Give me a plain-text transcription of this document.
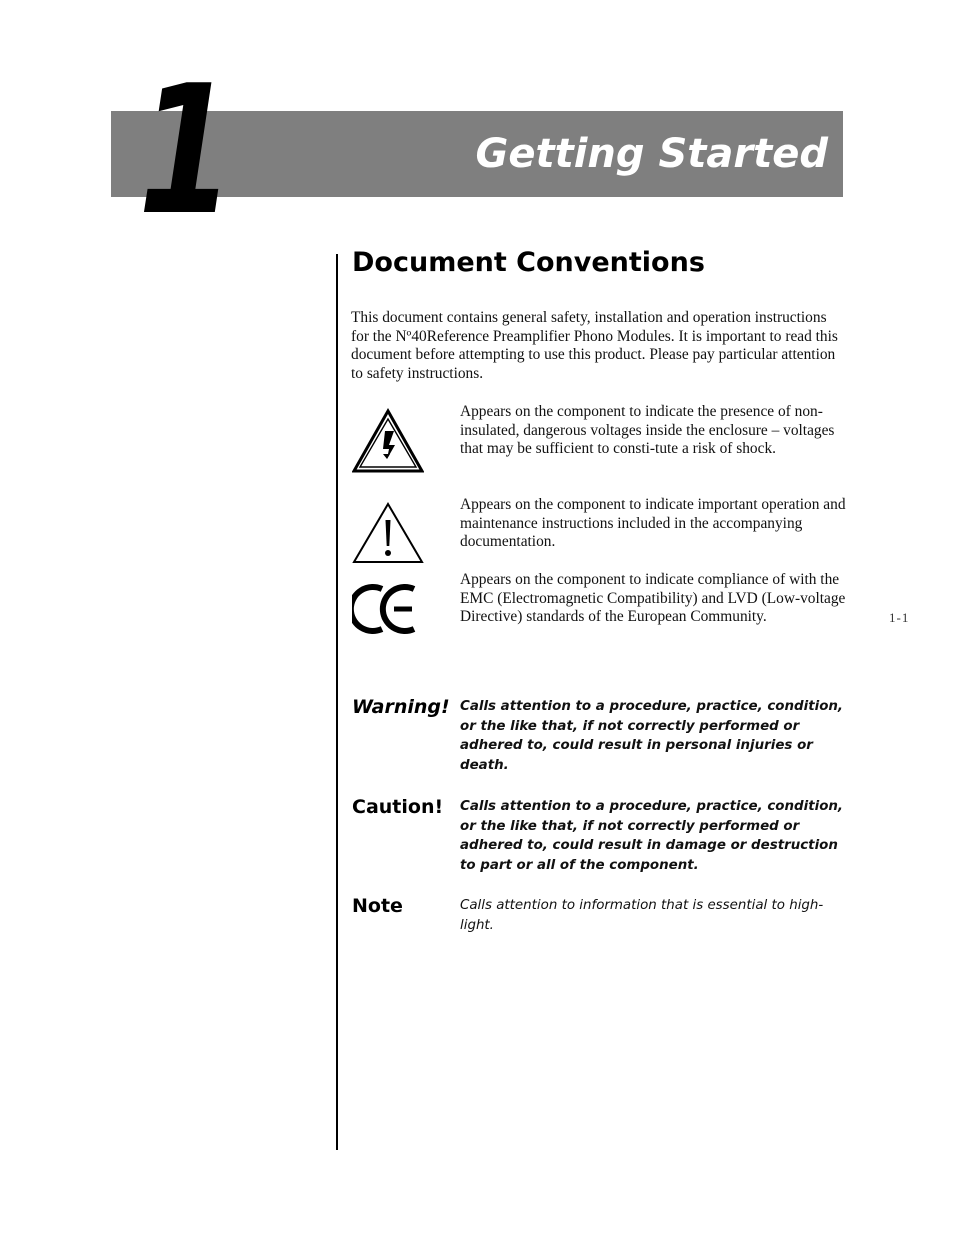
1	Getting Started
Document Conventions

This document contains general safety, installation and operation instructions for the Nº40Reference Preamplifier Phono Modules. It is important to read this document before attempting to use this product. Please pay particular attention to safety instructions.

Appears on the component to indicate the presence of non-insulated, dangerous voltages inside the enclosure – voltages that may be sufficient to consti-tute a risk of shock.

Appears on the component to indicate important operation and maintenance instructions included in the accompanying documentation.

Appears on the component to indicate compliance of with the EMC (Electromagnetic Compatibility) and LVD (Low-voltage Directive) standards of the European Community.

Warning! Calls attention to a procedure, practice, condition, or the like that, if not correctly performed or adhered to, could result in personal injuries or death.

Caution! Calls attention to a procedure, practice, condition, or the like that, if not correctly performed or adhered to, could result in damage or destruction to part or all of the component.

Note	Calls attention to information that is essential to high-light.

1-1
